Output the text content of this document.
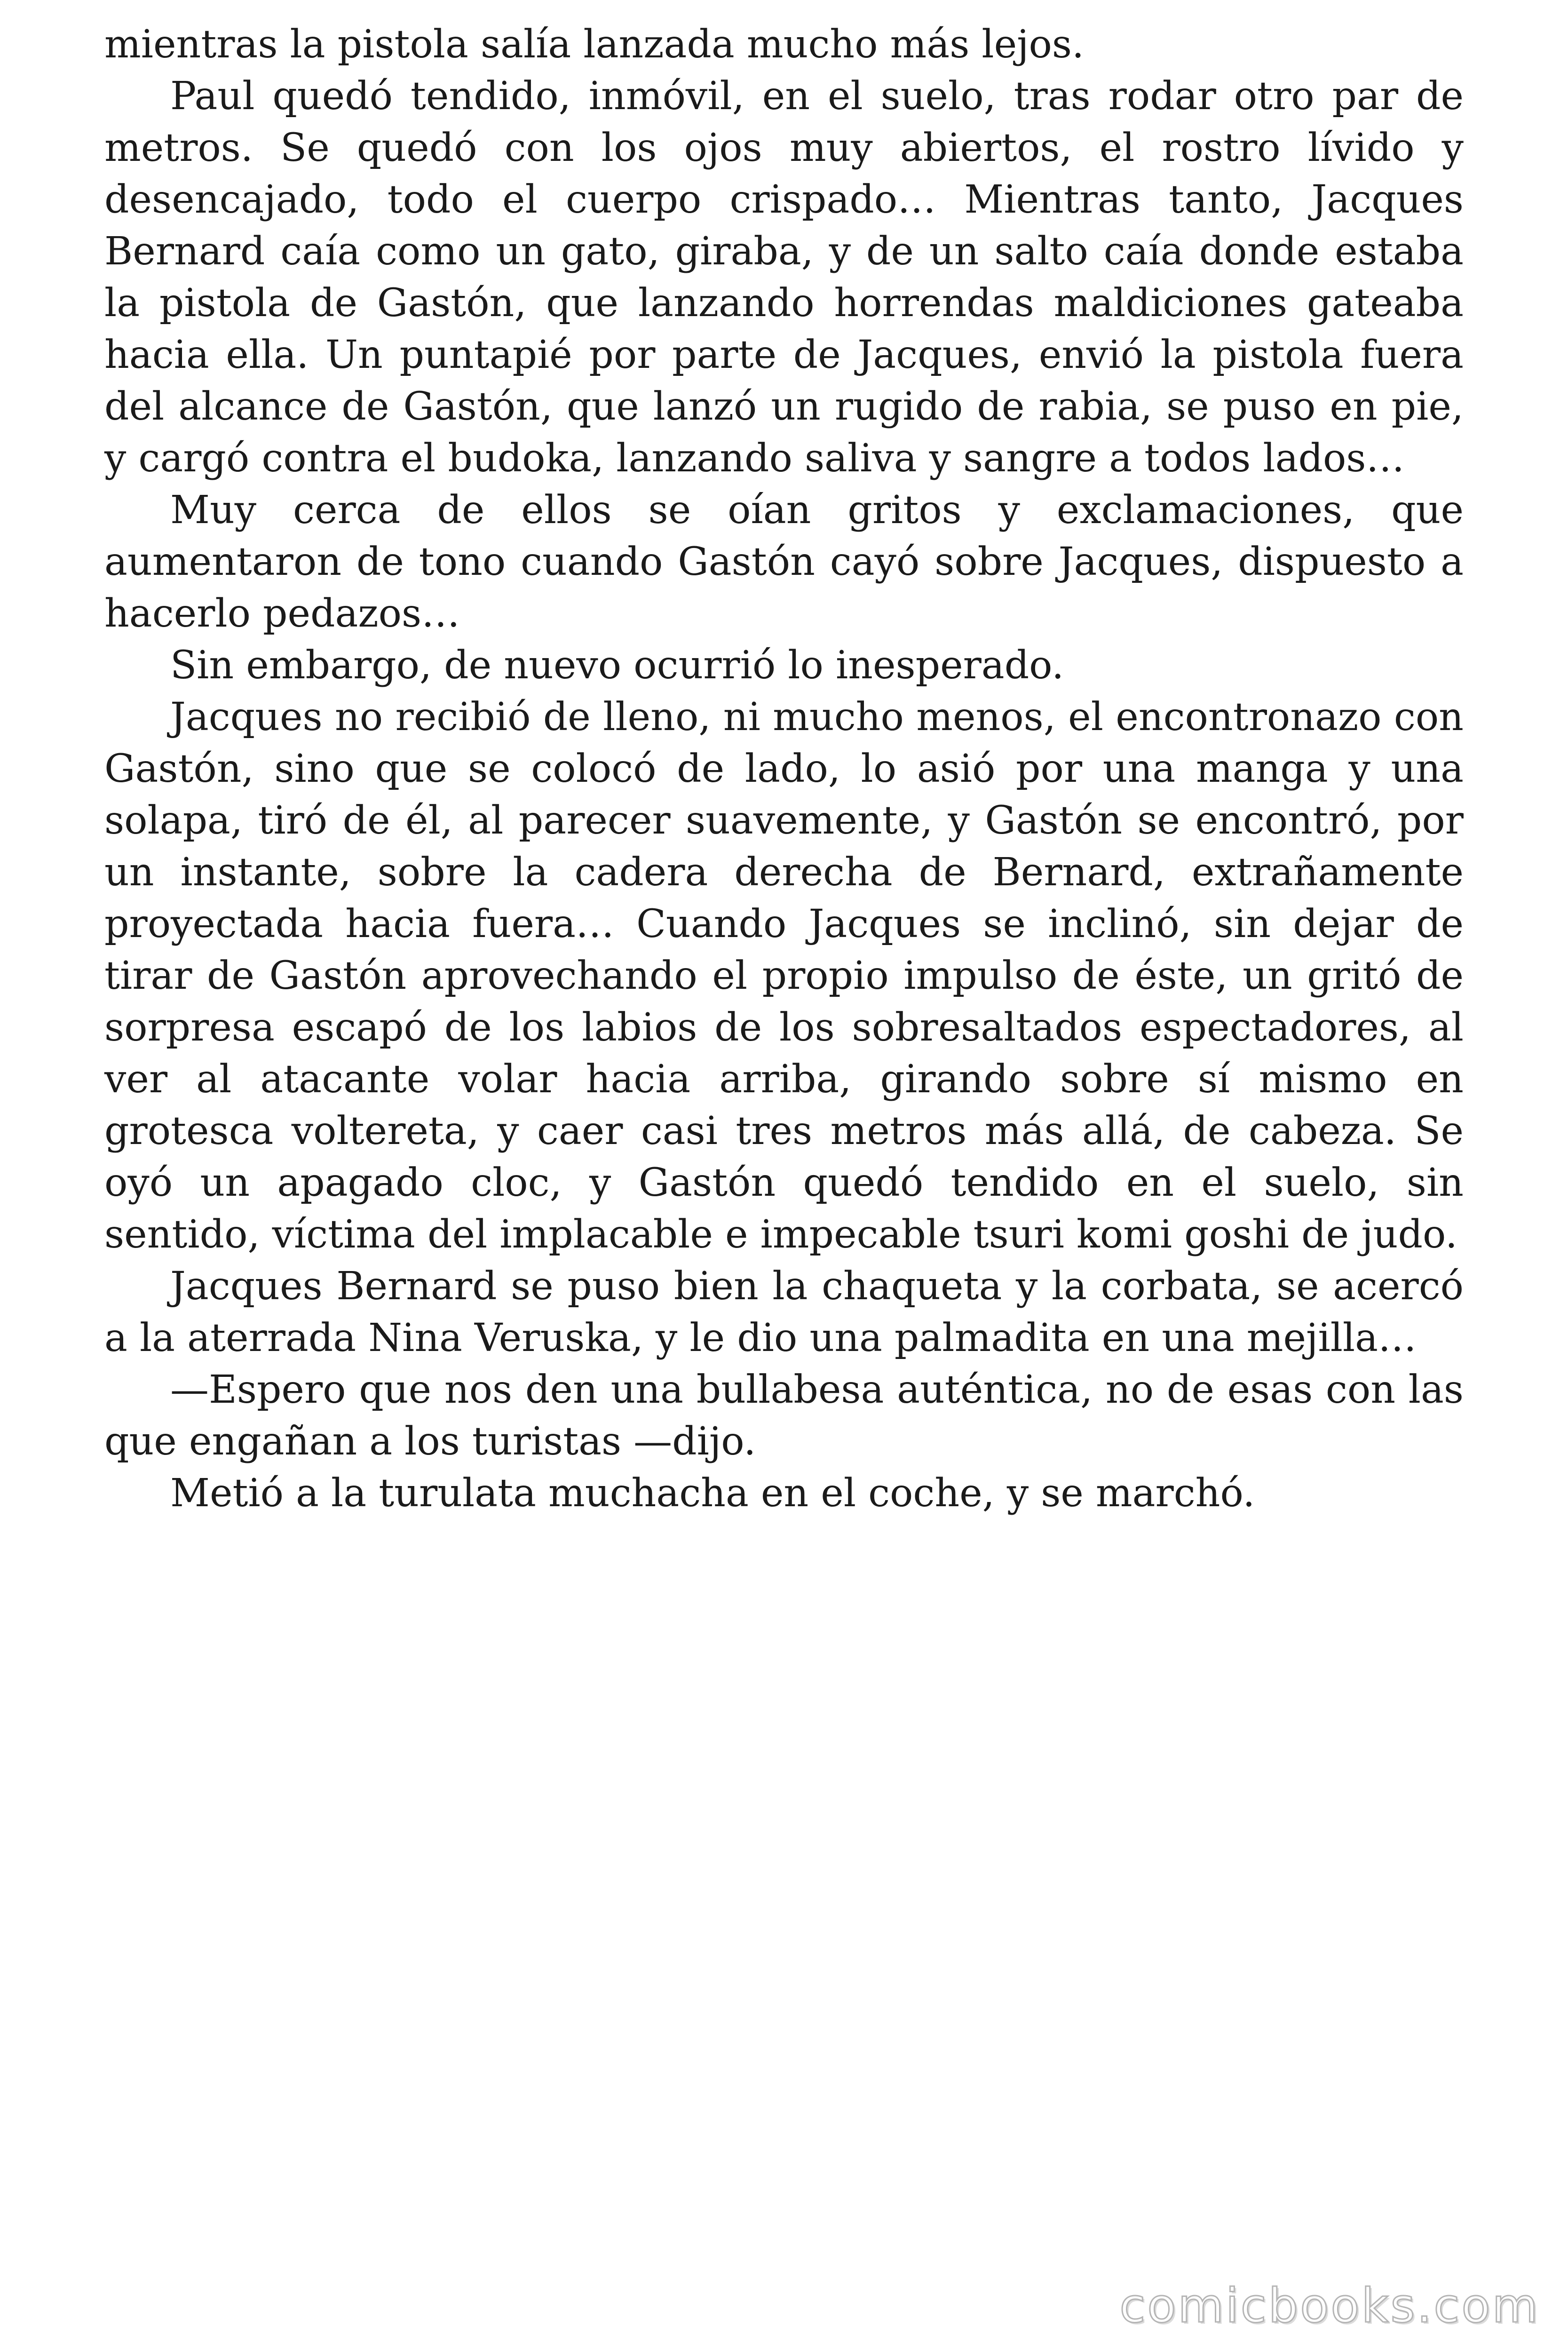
mientras la pistola salía lanzada mucho más lejos.

Paul quedó tendido, inmóvil, en el suelo, tras rodar otro par de metros. Se quedó con los ojos muy abiertos, el rostro lívido y desencajado, todo el cuerpo crispado… Mientras tanto, Jacques Bernard caía como un gato, giraba, y de un salto caía donde estaba la pistola de Gastón, que lanzando horrendas maldiciones gateaba hacia ella. Un puntapié por parte de Jacques, envió la pistola fuera del alcance de Gastón, que lanzó un rugido de rabia, se puso en pie, y cargó contra el budoka, lanzando saliva y sangre a todos lados…

Muy cerca de ellos se oían gritos y exclamaciones, que aumentaron de tono cuando Gastón cayó sobre Jacques, dispuesto a hacerlo pedazos…

Sin embargo, de nuevo ocurrió lo inesperado.

Jacques no recibió de lleno, ni mucho menos, el encontronazo con Gastón, sino que se colocó de lado, lo asió por una manga y una solapa, tiró de él, al parecer suavemente, y Gastón se encontró, por un instante, sobre la cadera derecha de Bernard, extrañamente proyectada hacia fuera… Cuando Jacques se inclinó, sin dejar de tirar de Gastón aprovechando el propio impulso de éste, un gritó de sorpresa escapó de los labios de los sobresaltados espectadores, al ver al atacante volar hacia arriba, girando sobre sí mismo en grotesca voltereta, y caer casi tres metros más allá, de cabeza. Se oyó un apagado cloc, y Gastón quedó tendido en el suelo, sin sentido, víctima del implacable e impecable tsuri komi goshi de judo.

Jacques Bernard se puso bien la chaqueta y la corbata, se acercó a la aterrada Nina Veruska, y le dio una palmadita en una mejilla…

—Espero que nos den una bullabesa auténtica, no de esas con las que engañan a los turistas —dijo.

Metió a la turulata muchacha en el coche, y se marchó.

comicbooks.com
